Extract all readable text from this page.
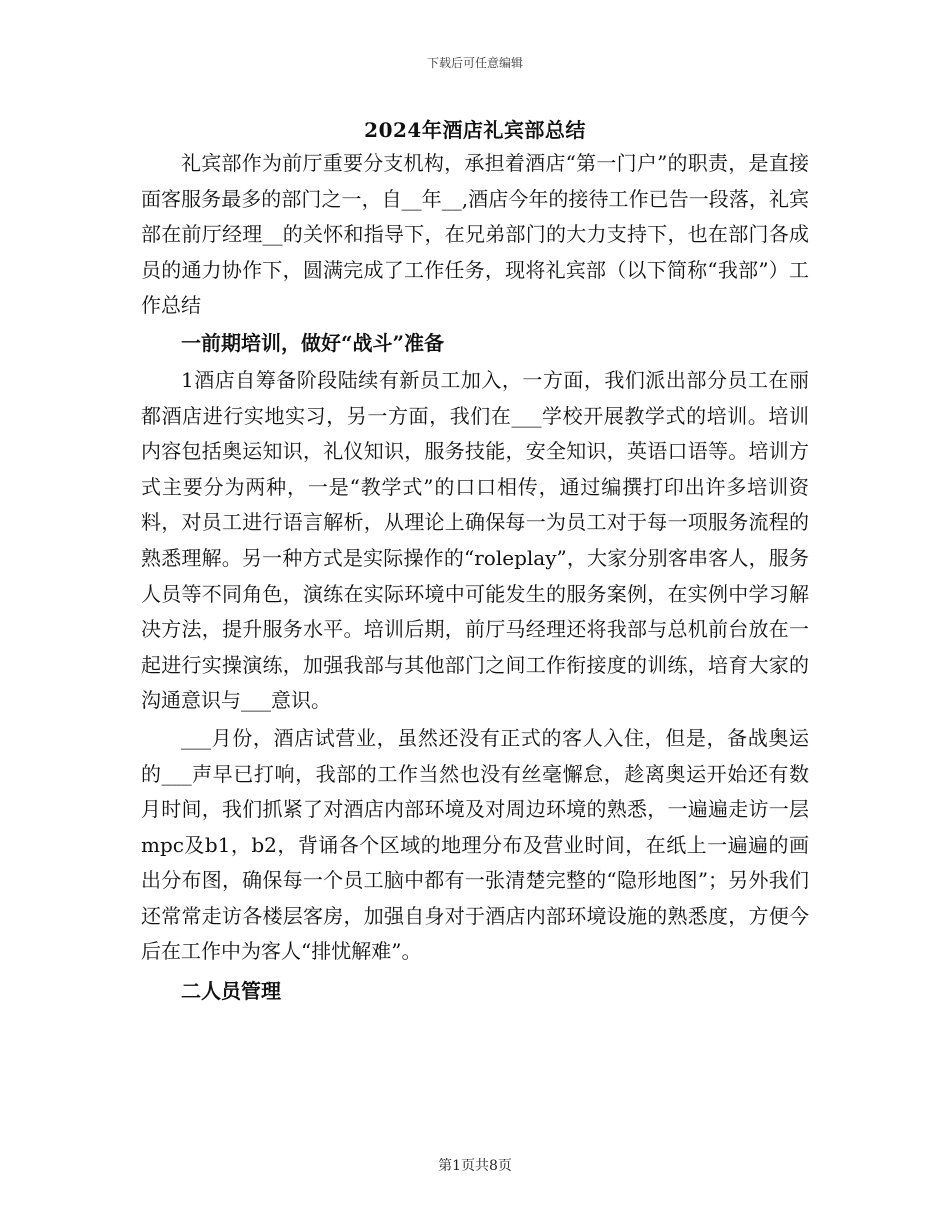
下载后可任意编辑
2024年酒店礼宾部总结

礼宾部作为前厅重要分支机构，承担着酒店“第一门户”的职责，是直接面客服务最多的部门之一，自__年__,酒店今年的接待工作已告一段落，礼宾部在前厅经理__的关怀和指导下，在兄弟部门的大力支持下，也在部门各成员的通力协作下，圆满完成了工作任务，现将礼宾部（以下简称“我部”）工作总结

一前期培训，做好“战斗”准备

1酒店自筹备阶段陆续有新员工加入，一方面，我们派出部分员工在丽都酒店进行实地实习，另一方面，我们在___学校开展教学式的培训。培训内容包括奥运知识，礼仪知识，服务技能，安全知识，英语口语等。培训方式主要分为两种，一是“教学式”的口口相传，通过编撰打印出许多培训资料，对员工进行语言解析，从理论上确保每一为员工对于每一项服务流程的熟悉理解。另一种方式是实际操作的“roleplay”，大家分别客串客人，服务人员等不同角色，演练在实际环境中可能发生的服务案例，在实例中学习解决方法，提升服务水平。培训后期，前厅马经理还将我部与总机前台放在一起进行实操演练，加强我部与其他部门之间工作衔接度的训练，培育大家的沟通意识与___意识。

___月份，酒店试营业，虽然还没有正式的客人入住，但是，备战奥运的___声早已打响，我部的工作当然也没有丝毫懈怠，趁离奥运开始还有数月时间，我们抓紧了对酒店内部环境及对周边环境的熟悉，一遍遍走访一层mpc及b1，b2，背诵各个区域的地理分布及营业时间，在纸上一遍遍的画出分布图，确保每一个员工脑中都有一张清楚完整的“隐形地图”；另外我们还常常走访各楼层客房，加强自身对于酒店内部环境设施的熟悉度，方便今后在工作中为客人“排忧解难”。

二人员管理
第1页共8页
